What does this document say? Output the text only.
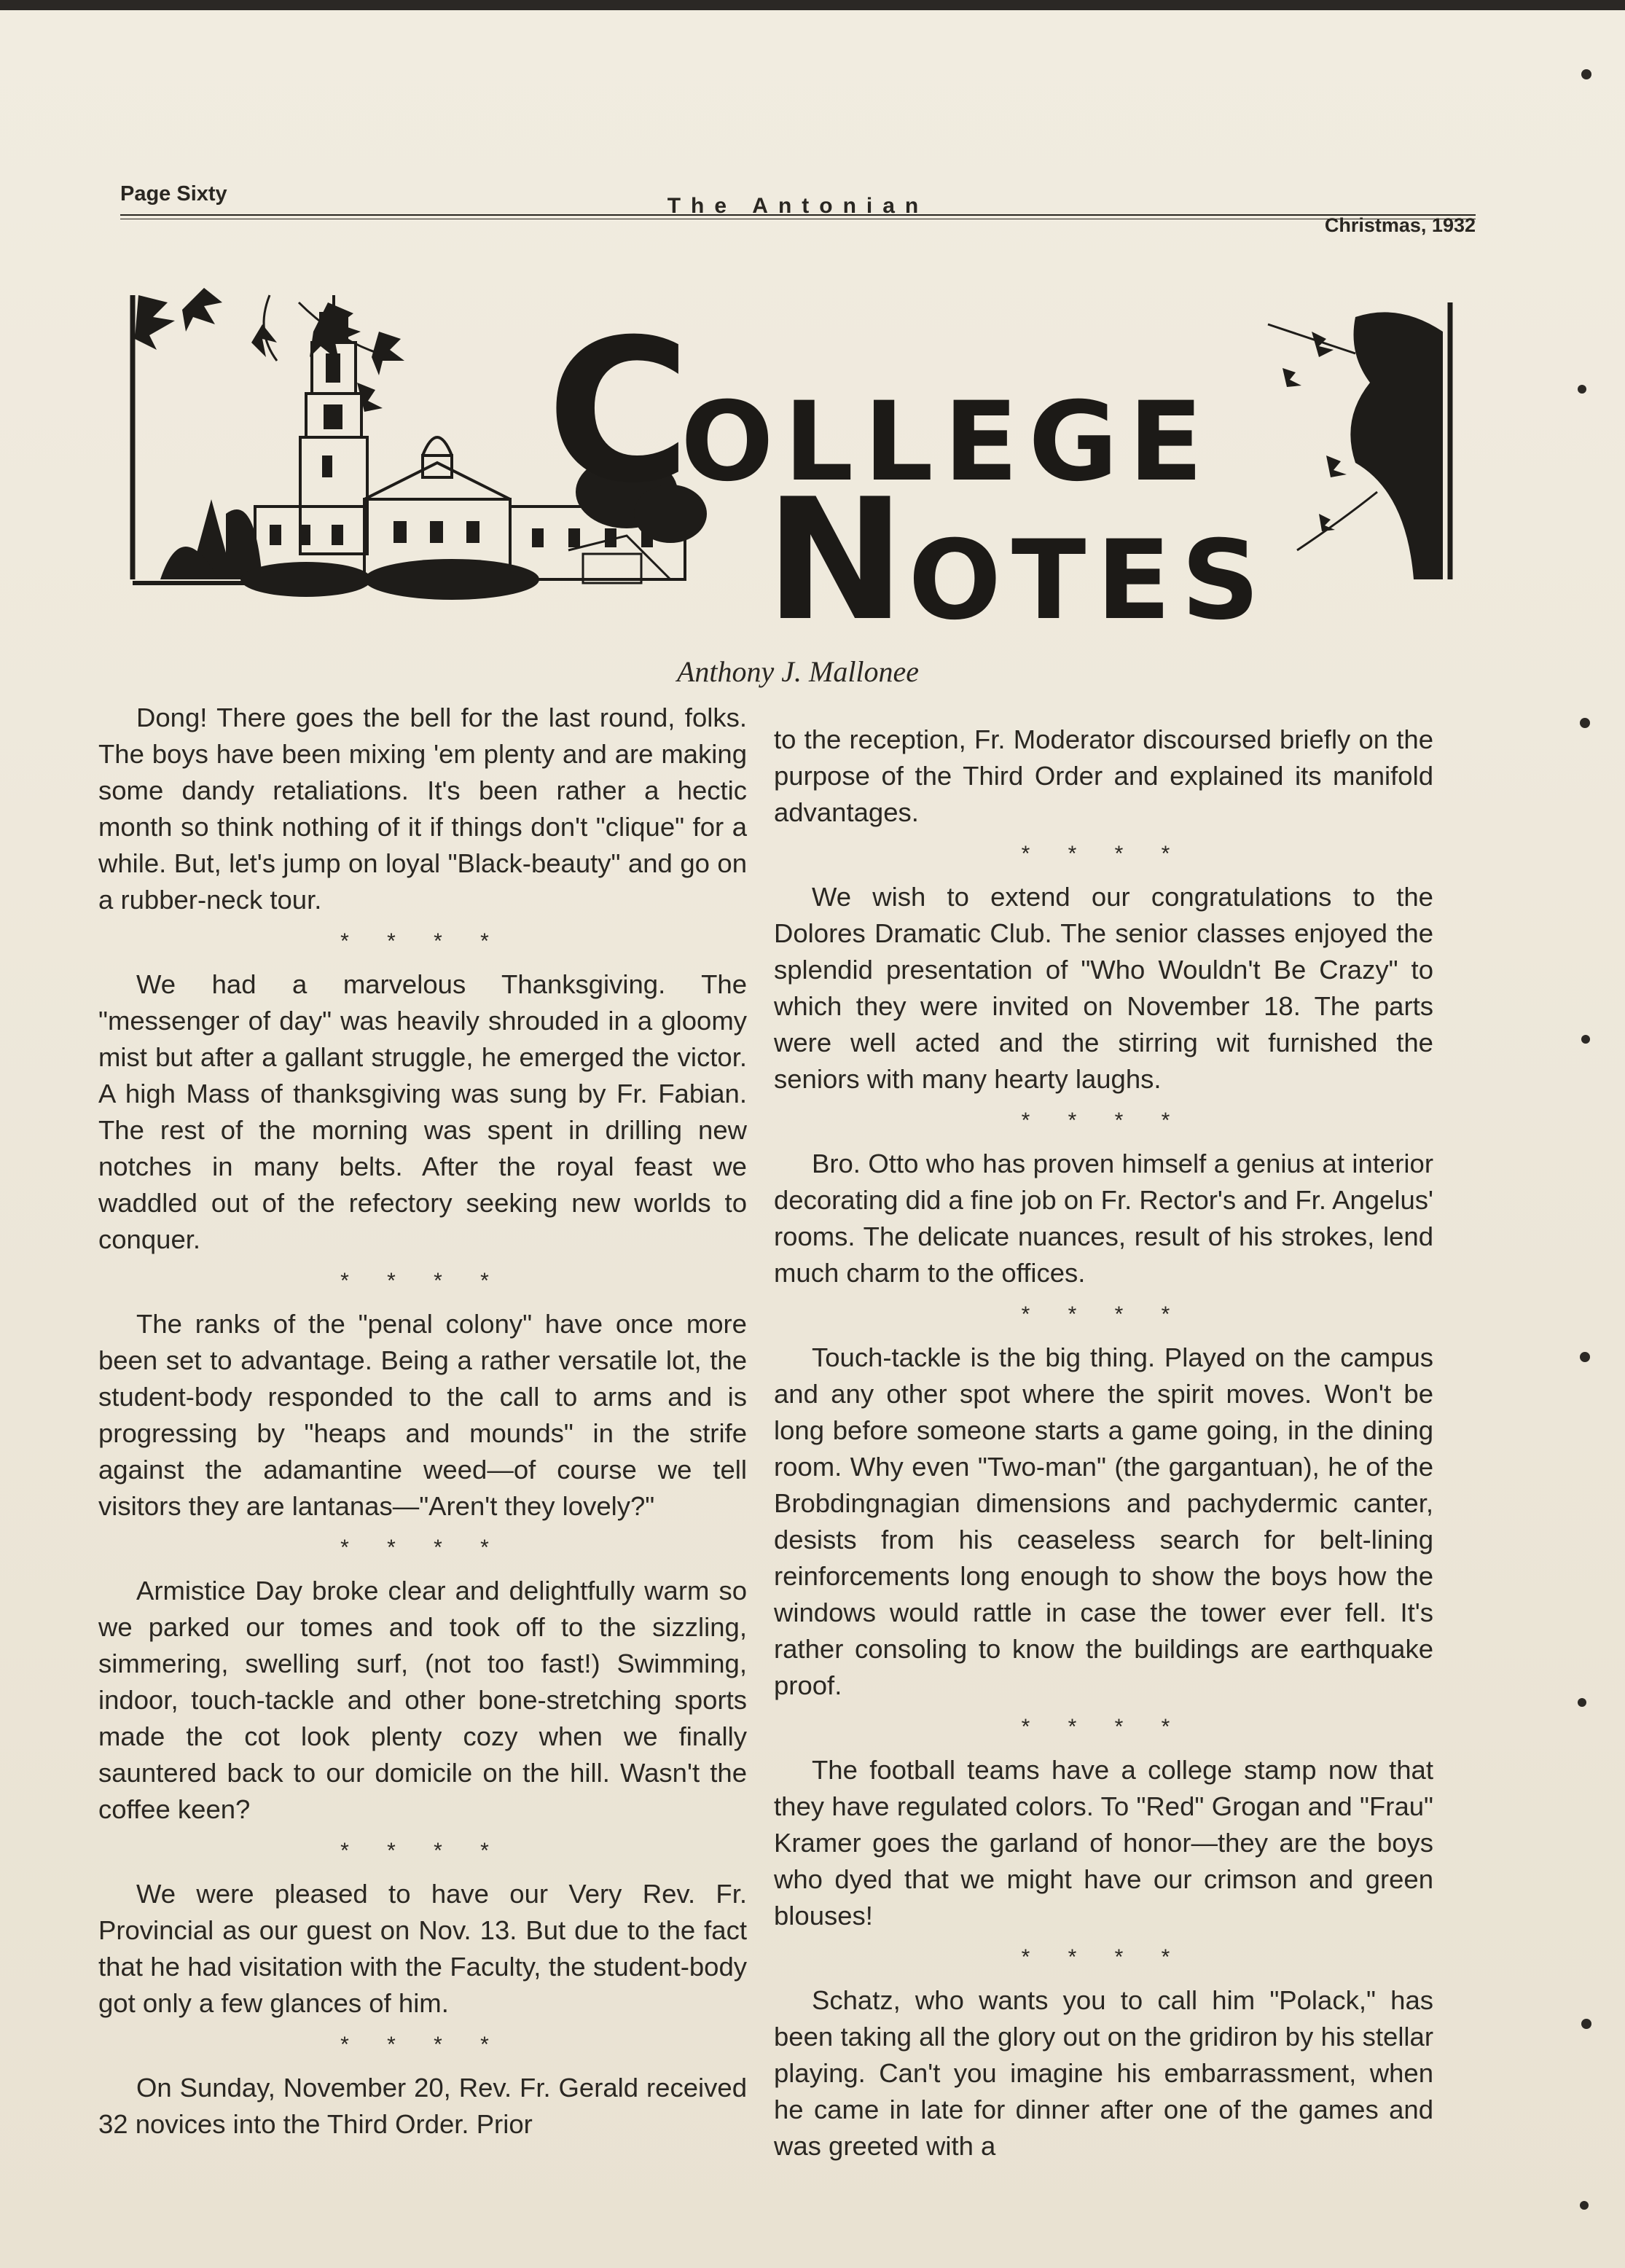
Page Sixty	The Antonian
Christmas, 1932
COLLEGE
NOTES
Anthony J. Mallonee

Dong! There goes the bell for the last round, folks. The boys have been mixing 'em plenty and are making some dandy retaliations. It's been rather a hectic month so think nothing of it if things don't "clique" for a while. But, let's jump on loyal "Black-beauty" and go on a rubber-neck tour.

* * * *

We had a marvelous Thanksgiving. The "messenger of day" was heavily shrouded in a gloomy mist but after a gallant struggle, he emerged the victor. A high Mass of thanksgiving was sung by Fr. Fabian. The rest of the morning was spent in drilling new notches in many belts. After the royal feast we waddled out of the refectory seeking new worlds to conquer.

* * * *

The ranks of the "penal colony" have once more been set to advantage. Being a rather versatile lot, the student-body responded to the call to arms and is progressing by "heaps and mounds" in the strife against the adamantine weed—of course we tell visitors they are lantanas—"Aren't they lovely?"

* * * *

Armistice Day broke clear and delightfully warm so we parked our tomes and took off to the sizzling, simmering, swelling surf, (not too fast!) Swimming, indoor, touch-tackle and other bone-stretching sports made the cot look plenty cozy when we finally sauntered back to our domicile on the hill. Wasn't the coffee keen?

* * * *

We were pleased to have our Very Rev. Fr. Provincial as our guest on Nov. 13. But due to the fact that he had visitation with the Faculty, the student-body got only a few glances of him.

* * * *

On Sunday, November 20, Rev. Fr. Gerald received 32 novices into the Third Order. Prior

to the reception, Fr. Moderator discoursed briefly on the purpose of the Third Order and explained its manifold advantages.

* * * *

We wish to extend our congratulations to the Dolores Dramatic Club. The senior classes enjoyed the splendid presentation of "Who Wouldn't Be Crazy" to which they were invited on November 18. The parts were well acted and the stirring wit furnished the seniors with many hearty laughs.

* * * *

Bro. Otto who has proven himself a genius at interior decorating did a fine job on Fr. Rector's and Fr. Angelus' rooms. The delicate nuances, result of his strokes, lend much charm to the offices.

* * * *

Touch-tackle is the big thing. Played on the campus and any other spot where the spirit moves. Won't be long before someone starts a game going, in the dining room. Why even "Two-man" (the gargantuan), he of the Brobdingnagian dimensions and pachydermic canter, desists from his ceaseless search for belt-lining reinforcements long enough to show the boys how the windows would rattle in case the tower ever fell. It's rather consoling to know the buildings are earthquake proof.

* * * *

The football teams have a college stamp now that they have regulated colors. To "Red" Grogan and "Frau" Kramer goes the garland of honor—they are the boys who dyed that we might have our crimson and green blouses!

* * * *

Schatz, who wants you to call him "Polack," has been taking all the glory out on the gridiron by his stellar playing. Can't you imagine his embarrassment, when he came in late for dinner after one of the games and was greeted with a
